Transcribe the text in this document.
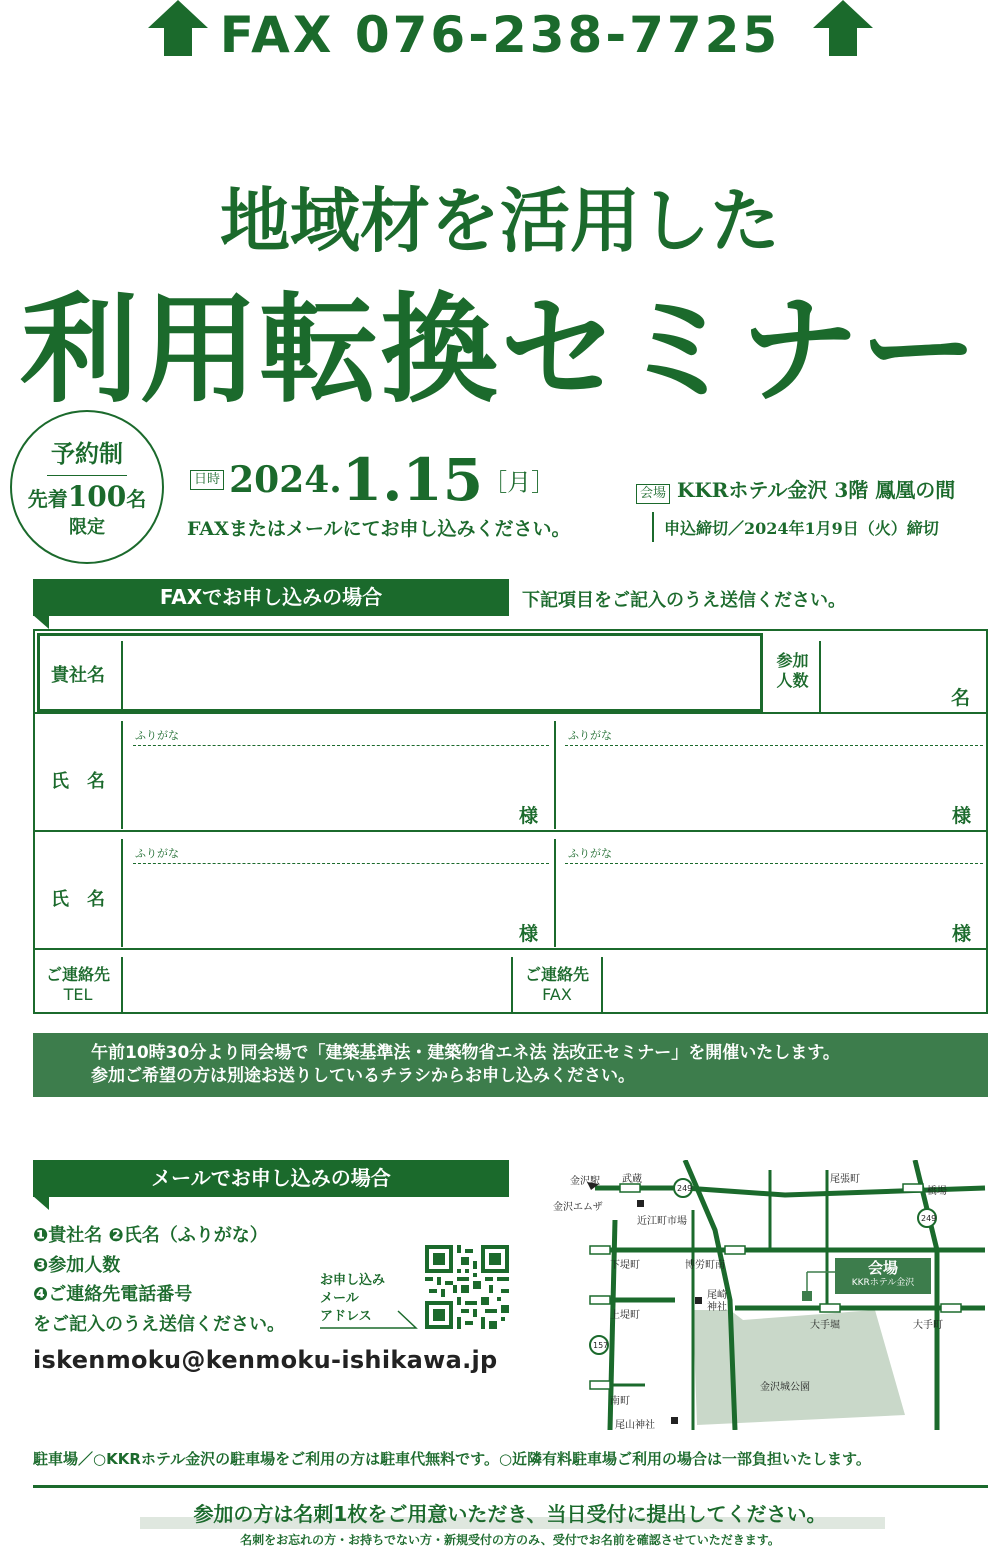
FAX 076-238-7725
地域材を活用した
利用転換セミナー
予約制
先着100名
限定
日時 2024.1.15［月］	会場 KKRホテル金沢 3階 鳳凰の間
FAXまたはメールにてお申し込みください。	申込締切／2024年1月9日（火）締切
FAXでお申し込みの場合	下記項目をご記入のうえ送信ください。
貴社名
参加
人数
名
氏　名
ふりがな	ふりがな
様	様
氏　名
ふりがな	ふりがな
様	様
ご連絡先
TEL
ご連絡先
FAX
午前10時30分より同会場で「建築基準法・建築物省エネ法 法改正セミナー」を開催いたします。
参加ご希望の方は別途お送りしているチラシからお申し込みください。
メールでお申し込みの場合
❶貴社名 ❷氏名（ふりがな）
❸参加人数
❹ご連絡先電話番号
をご記入のうえ送信ください。
お申し込み
メール
アドレス
iskenmoku@kenmoku-ishikawa.jp
金沢駅 武蔵
249
249
157
金沢エムザ
近江町市場
尾張町
橋場
下堤町	博労町南
上堤町
尾崎
神社
会場
KKRホテル金沢
大手堀	大手町
金沢城公園
南町
尾山神社
駐車場／○KKRホテル金沢の駐車場をご利用の方は駐車代無料です。○近隣有料駐車場ご利用の場合は一部負担いたします。
参加の方は名刺1枚をご用意いただき、当日受付に提出してください。
名刺をお忘れの方・お持ちでない方・新規受付の方のみ、受付でお名前を確認させていただきます。
